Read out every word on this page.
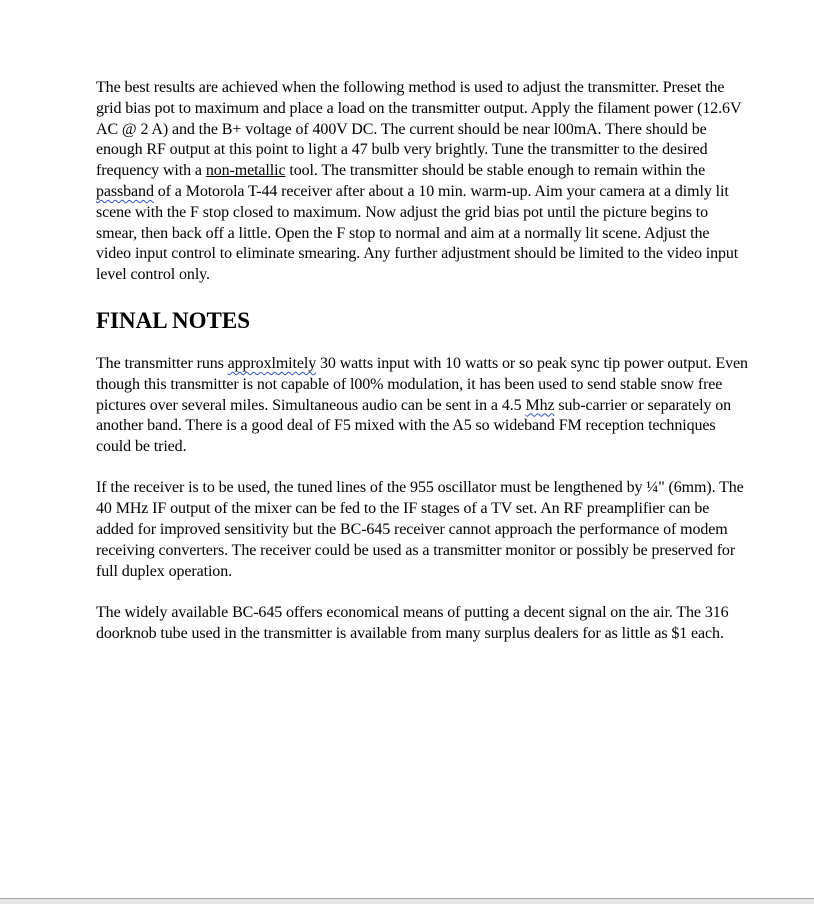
The best results are achieved when the following method is used to adjust the transmitter. Preset the grid bias pot to maximum and place a load on the transmitter output. Apply the filament power (12.6V AC @ 2 A) and the B+ voltage of 400V DC. The current should be near l00mA. There should be enough RF output at this point to light a 47 bulb very brightly. Tune the transmitter to the desired frequency with a non-metallic tool. The transmitter should be stable enough to remain within the passband of a Motorola T-44 receiver after about a 10 min. warm-up. Aim your camera at a dimly lit scene with the F stop closed to maximum. Now adjust the grid bias pot until the picture begins to smear, then back off a little. Open the F stop to normal and aim at a normally lit scene. Adjust the video input control to eliminate smearing. Any further adjustment should be limited to the video input level control only.

FINAL NOTES

The transmitter runs approxlmitely 30 watts input with 10 watts or so peak sync tip power output. Even though this transmitter is not capable of l00% modulation, it has been used to send stable snow free pictures over several miles. Simultaneous audio can be sent in a 4.5 Mhz sub-carrier or separately on another band. There is a good deal of F5 mixed with the A5 so wideband FM reception techniques could be tried.

If the receiver is to be used, the tuned lines of the 955 oscillator must be lengthened by ¼" (6mm). The 40 MHz IF output of the mixer can be fed to the IF stages of a TV set. An RF preamplifier can be added for improved sensitivity but the BC-645 receiver cannot approach the performance of modem receiving converters. The receiver could be used as a transmitter monitor or possibly be preserved for full duplex operation.

The widely available BC-645 offers economical means of putting a decent signal on the air. The 316 doorknob tube used in the transmitter is available from many surplus dealers for as little as $1 each.
